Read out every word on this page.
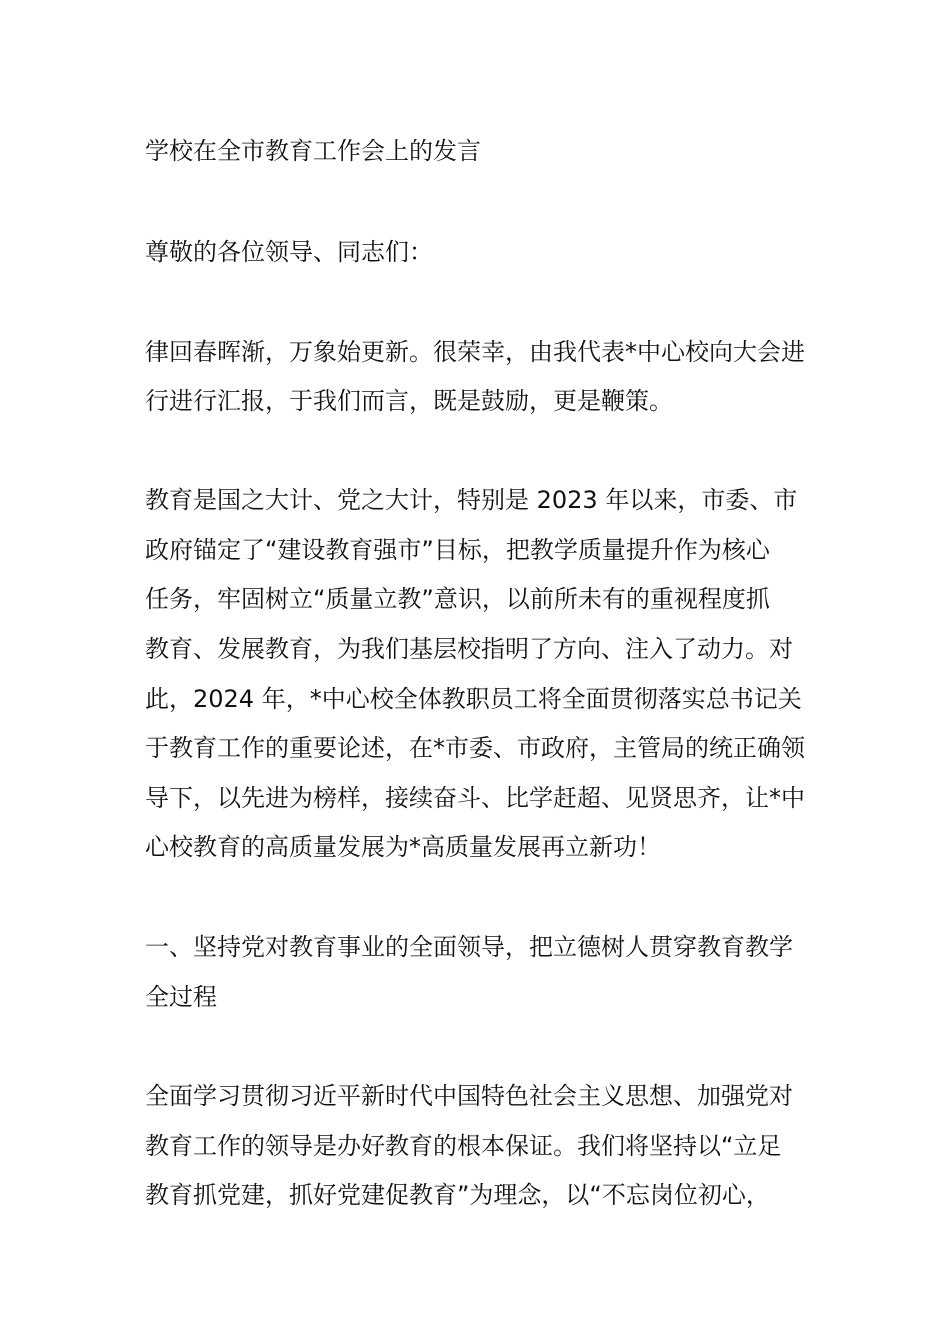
学校在全市教育工作会上的发言
尊敬的各位领导、同志们：
律回春晖渐，万象始更新。很荣幸，由我代表*中心校向大会进
行进行汇报，于我们而言，既是鼓励，更是鞭策。
教育是国之大计、党之大计，特别是 2023 年以来，市委、市
政府锚定了“建设教育强市”目标，把教学质量提升作为核心
任务，牢固树立“质量立教”意识，以前所未有的重视程度抓
教育、发展教育，为我们基层校指明了方向、注入了动力。对
此，2024 年，*中心校全体教职员工将全面贯彻落实总书记关
于教育工作的重要论述，在*市委、市政府，主管局的统正确领
导下，以先进为榜样，接续奋斗、比学赶超、见贤思齐，让*中
心校教育的高质量发展为*高质量发展再立新功！
一、坚持党对教育事业的全面领导，把立德树人贯穿教育教学
全过程
全面学习贯彻习近平新时代中国特色社会主义思想、加强党对
教育工作的领导是办好教育的根本保证。我们将坚持以“立足
教育抓党建，抓好党建促教育”为理念，以“不忘岗位初心，
